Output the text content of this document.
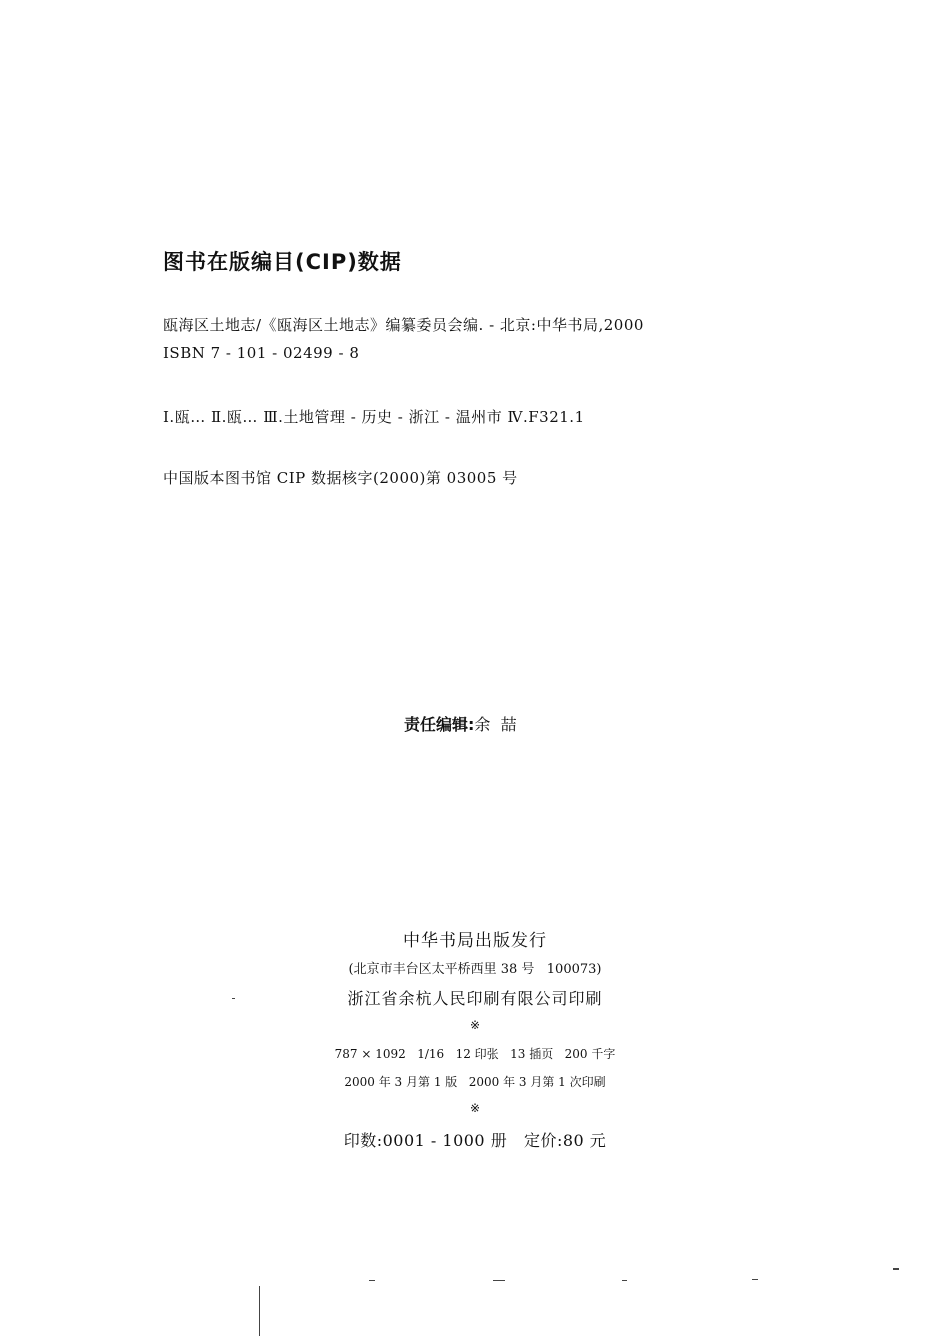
图书在版编目(CIP)数据
瓯海区土地志/《瓯海区土地志》编纂委员会编. - 北京:中华书局,2000
ISBN 7 - 101 - 02499 - 8
Ⅰ.瓯… Ⅱ.瓯… Ⅲ.土地管理 - 历史 - 浙江 - 温州市 Ⅳ.F321.1
中国版本图书馆 CIP 数据核字(2000)第 03005 号
责任编辑:余  喆
中华书局出版发行
(北京市丰台区太平桥西里 38 号   100073)
浙江省余杭人民印刷有限公司印刷
※
787 × 1092   1/16   12 印张   13 插页   200 千字
2000 年 3 月第 1 版   2000 年 3 月第 1 次印刷
※
印数:0001 - 1000 册   定价:80 元
